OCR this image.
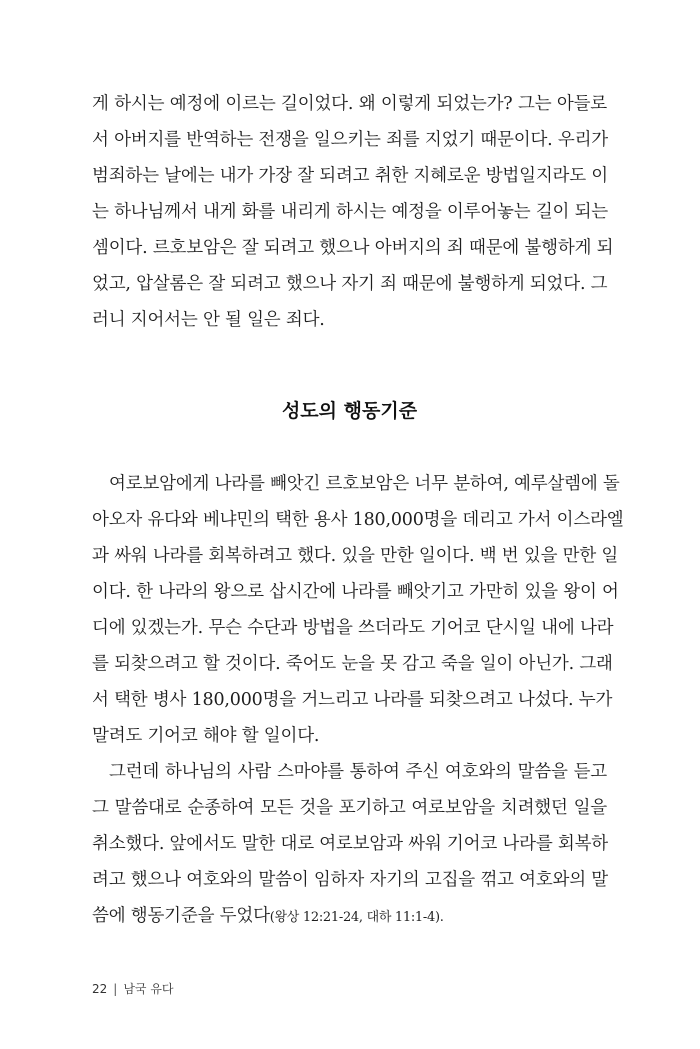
게 하시는 예정에 이르는 길이었다. 왜 이렇게 되었는가? 그는 아들로
서 아버지를 반역하는 전쟁을 일으키는 죄를 지었기 때문이다. 우리가
범죄하는 날에는 내가 가장 잘 되려고 취한 지혜로운 방법일지라도 이
는 하나님께서 내게 화를 내리게 하시는 예정을 이루어놓는 길이 되는
셈이다. 르호보암은 잘 되려고 했으나 아버지의 죄 때문에 불행하게 되
었고, 압살롬은 잘 되려고 했으나 자기 죄 때문에 불행하게 되었다. 그
러니 지어서는 안 될 일은 죄다.
성도의 행동기준
여로보암에게 나라를 빼앗긴 르호보암은 너무 분하여, 예루살렘에 돌
아오자 유다와 베냐민의 택한 용사 180,000명을 데리고 가서 이스라엘
과 싸워 나라를 회복하려고 했다. 있을 만한 일이다. 백 번 있을 만한 일
이다. 한 나라의 왕으로 삽시간에 나라를 빼앗기고 가만히 있을 왕이 어
디에 있겠는가. 무슨 수단과 방법을 쓰더라도 기어코 단시일 내에 나라
를 되찾으려고 할 것이다. 죽어도 눈을 못 감고 죽을 일이 아닌가. 그래
서 택한 병사 180,000명을 거느리고 나라를 되찾으려고 나섰다. 누가
말려도 기어코 해야 할 일이다.
그런데 하나님의 사람 스마야를 통하여 주신 여호와의 말씀을 듣고
그 말씀대로 순종하여 모든 것을 포기하고 여로보암을 치려했던 일을
취소했다. 앞에서도 말한 대로 여로보암과 싸워 기어코 나라를 회복하
려고 했으나 여호와의 말씀이 임하자 자기의 고집을 꺾고 여호와의 말
씀에 행동기준을 두었다(왕상 12:21-24, 대하 11:1-4).
22 | 남국 유다
